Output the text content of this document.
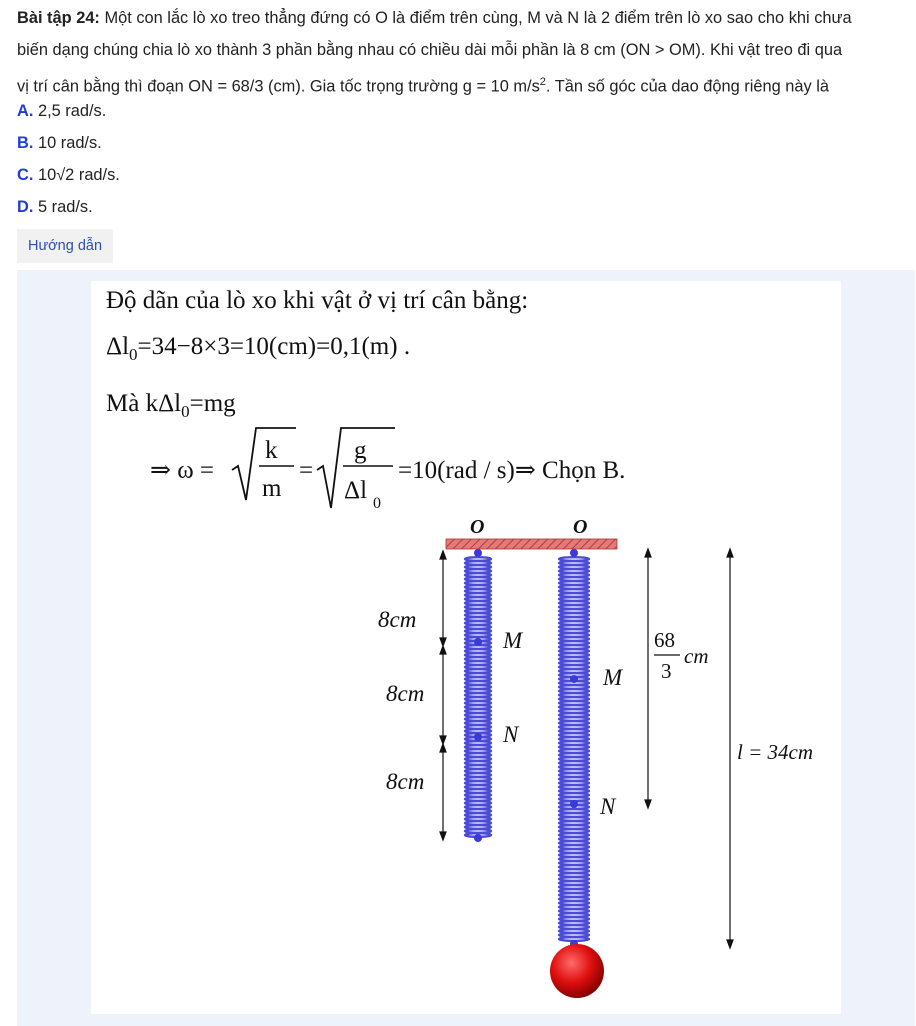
Bài tập 24: Một con lắc lò xo treo thẳng đứng có O là điểm trên cùng, M và N là 2 điểm trên lò xo sao cho khi chưa
biến dạng chúng chia lò xo thành 3 phần bằng nhau có chiều dài mỗi phần là 8 cm (ON > OM). Khi vật treo đi qua
vị trí cân bằng thì đoạn ON = 68/3 (cm). Gia tốc trọng trường g = 10 $m/s^2$. Tần số góc của dao động riêng này là
A. 2,5 rad/s.
B. 10 rad/s.
C. 10√2 rad/s.
D. 5 rad/s.
Hướng dẫn
Độ dãn của lò xo khi vật ở vị trí cân bằng:
$\Delta l_0=34-8\times 3=10(cm)=0,1(m)$ .
Mà kΔl$_0$=mg
⇒ ω =
k
m
=
g
Δl 0
=10(rad / s)⇒ Chọn B.
O	O
8cm
8cm
8cm
M
N
M
N
68
3
cm
l = 34cm
